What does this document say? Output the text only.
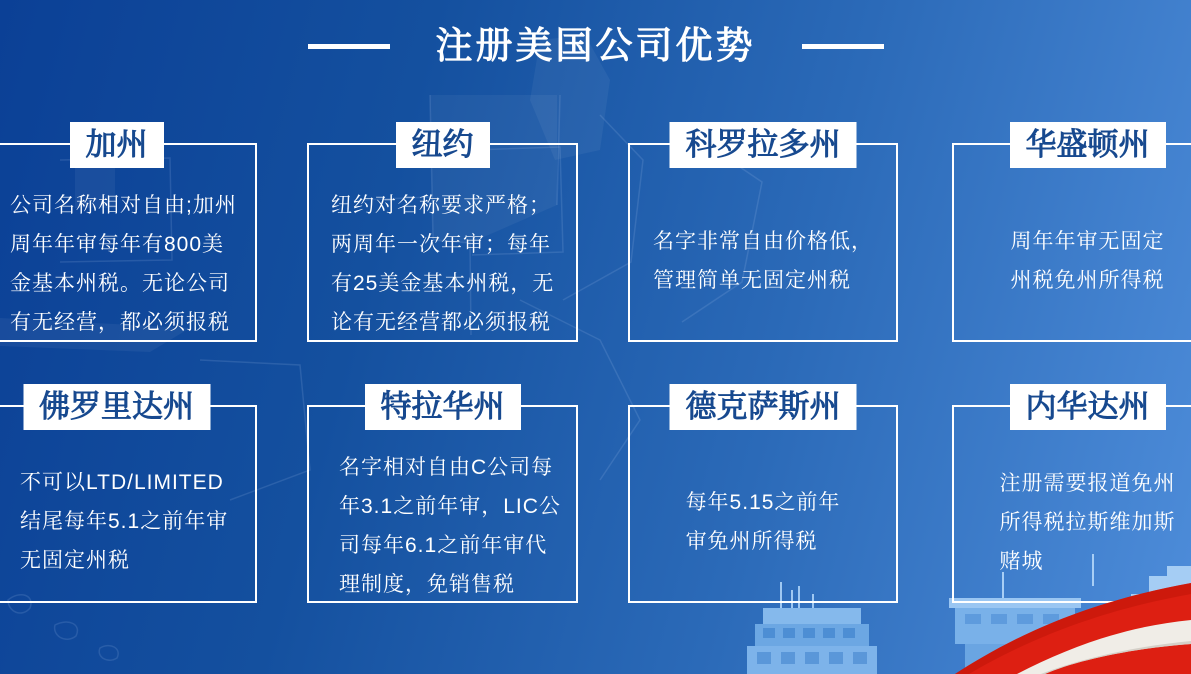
注册美国公司优势
加州
公司名称相对自由;加州
周年年审每年有800美
金基本州税。无论公司
有无经营，都必须报税
纽约
纽约对名称要求严格；
两周年一次年审；每年
有25美金基本州税，无
论有无经营都必须报税
科罗拉多州
名字非常自由价格低，
管理简单无固定州税
华盛顿州
周年年审无固定
州税免州所得税
佛罗里达州
不可以LTD/LIMITED
结尾每年5.1之前年审
无固定州税
特拉华州
名字相对自由C公司每
年3.1之前年审，LIC公
司每年6.1之前年审代
理制度，免销售税
德克萨斯州
每年5.15之前年
审免州所得税
内华达州
注册需要报道免州
所得税拉斯维加斯
赌城
